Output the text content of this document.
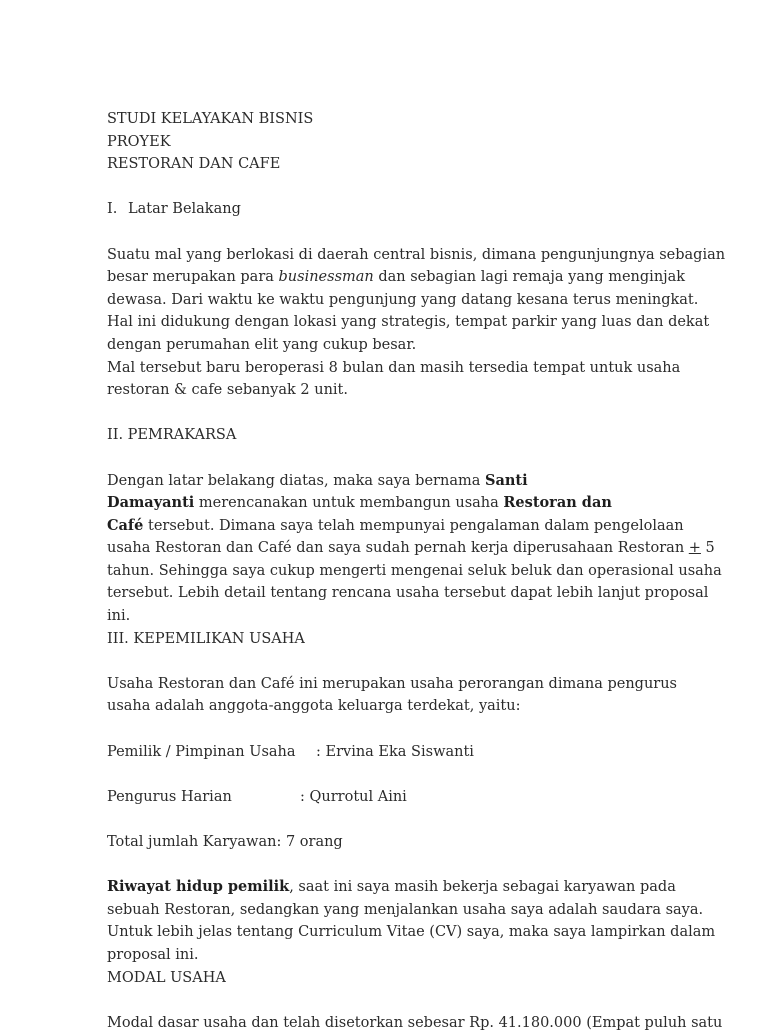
STUDI KELAYAKAN BISNIS
PROYEK
RESTORAN DAN CAFE
I. Latar Belakang
Suatu mal yang berlokasi di daerah central bisnis, dimana pengunjungnya sebagian
besar merupakan para businessman dan sebagian lagi remaja yang menginjak
dewasa. Dari waktu ke waktu pengunjung yang datang kesana terus meningkat.
Hal ini didukung dengan lokasi yang strategis, tempat parkir yang luas dan dekat
dengan perumahan elit yang cukup besar.
Mal tersebut baru beroperasi 8 bulan dan masih tersedia tempat untuk usaha
restoran & cafe sebanyak 2 unit.
II. PEMRAKARSA
Dengan latar belakang diatas, maka saya bernama Santi
Damayanti merencanakan untuk membangun usaha Restoran dan
Café tersebut. Dimana saya telah mempunyai pengalaman dalam pengelolaan
usaha Restoran dan Café dan saya sudah pernah kerja diperusahaan Restoran + 5
tahun. Sehingga saya cukup mengerti mengenai seluk beluk dan operasional usaha
tersebut. Lebih detail tentang rencana usaha tersebut dapat lebih lanjut proposal
ini.
III. KEPEMILIKAN USAHA
Usaha Restoran dan Café ini merupakan usaha perorangan dimana pengurus
usaha adalah anggota-anggota keluarga terdekat, yaitu:
Pemilik / Pimpinan Usaha : Ervina Eka Siswanti
Pengurus Harian	: Qurrotul Aini
Total jumlah Karyawan: 7 orang
Riwayat hidup pemilik, saat ini saya masih bekerja sebagai karyawan pada
sebuah Restoran, sedangkan yang menjalankan usaha saya adalah saudara saya.
Untuk lebih jelas tentang Curriculum Vitae (CV) saya, maka saya lampirkan dalam
proposal ini.
MODAL USAHA
Modal dasar usaha dan telah disetorkan sebesar Rp. 41.180.000 (Empat puluh satu
